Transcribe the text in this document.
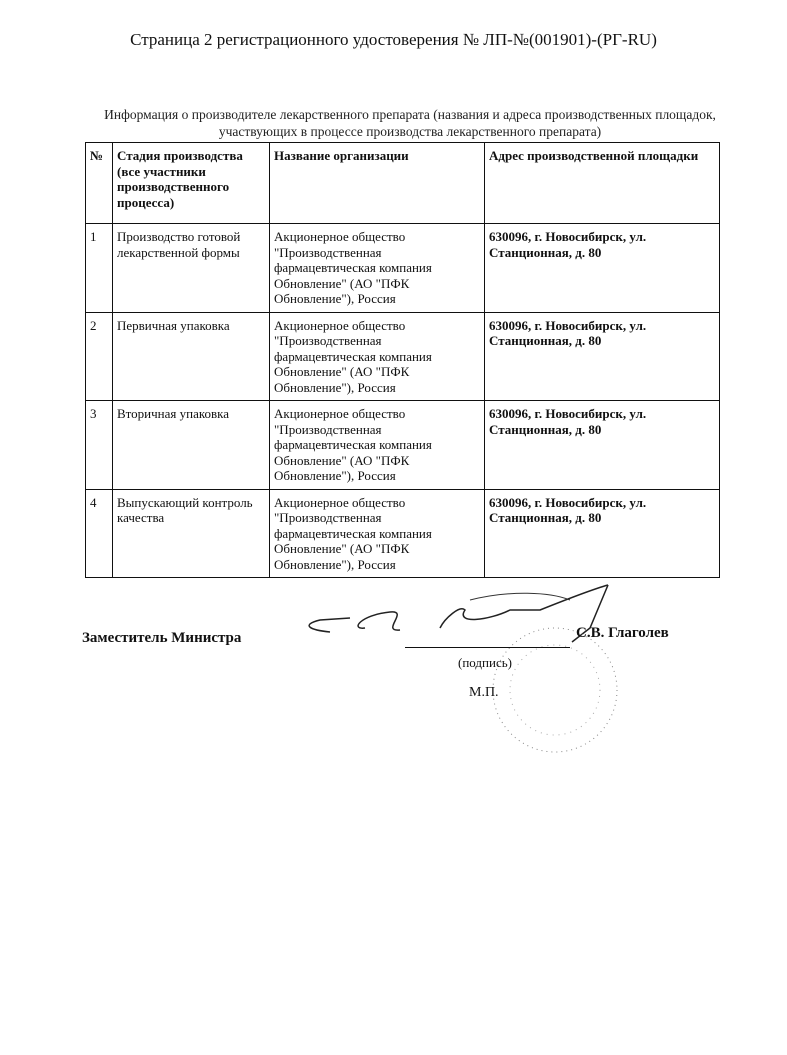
Страница 2 регистрационного удостоверения № ЛП-№(001901)-(РГ-RU)
Информация о производителе лекарственного препарата (названия и адреса производственных площадок,
участвующих в процессе производства лекарственного препарата)
№	Стадия производства (все участники производственного процесса)	Название организации	Адрес производственной площадки
1	Производство готовой лекарственной формы	Акционерное общество "Производственная фармацевтическая компания Обновление" (АО "ПФК Обновление"), Россия	630096, г. Новосибирск, ул. Станционная, д. 80
2	Первичная упаковка	Акционерное общество "Производственная фармацевтическая компания Обновление" (АО "ПФК Обновление"), Россия	630096, г. Новосибирск, ул. Станционная, д. 80
3	Вторичная упаковка	Акционерное общество "Производственная фармацевтическая компания Обновление" (АО "ПФК Обновление"), Россия	630096, г. Новосибирск, ул. Станционная, д. 80
4	Выпускающий контроль качества	Акционерное общество "Производственная фармацевтическая компания Обновление" (АО "ПФК Обновление"), Россия	630096, г. Новосибирск, ул. Станционная, д. 80
Заместитель Министра	С.В. Глаголев
(подпись)
М.П.
